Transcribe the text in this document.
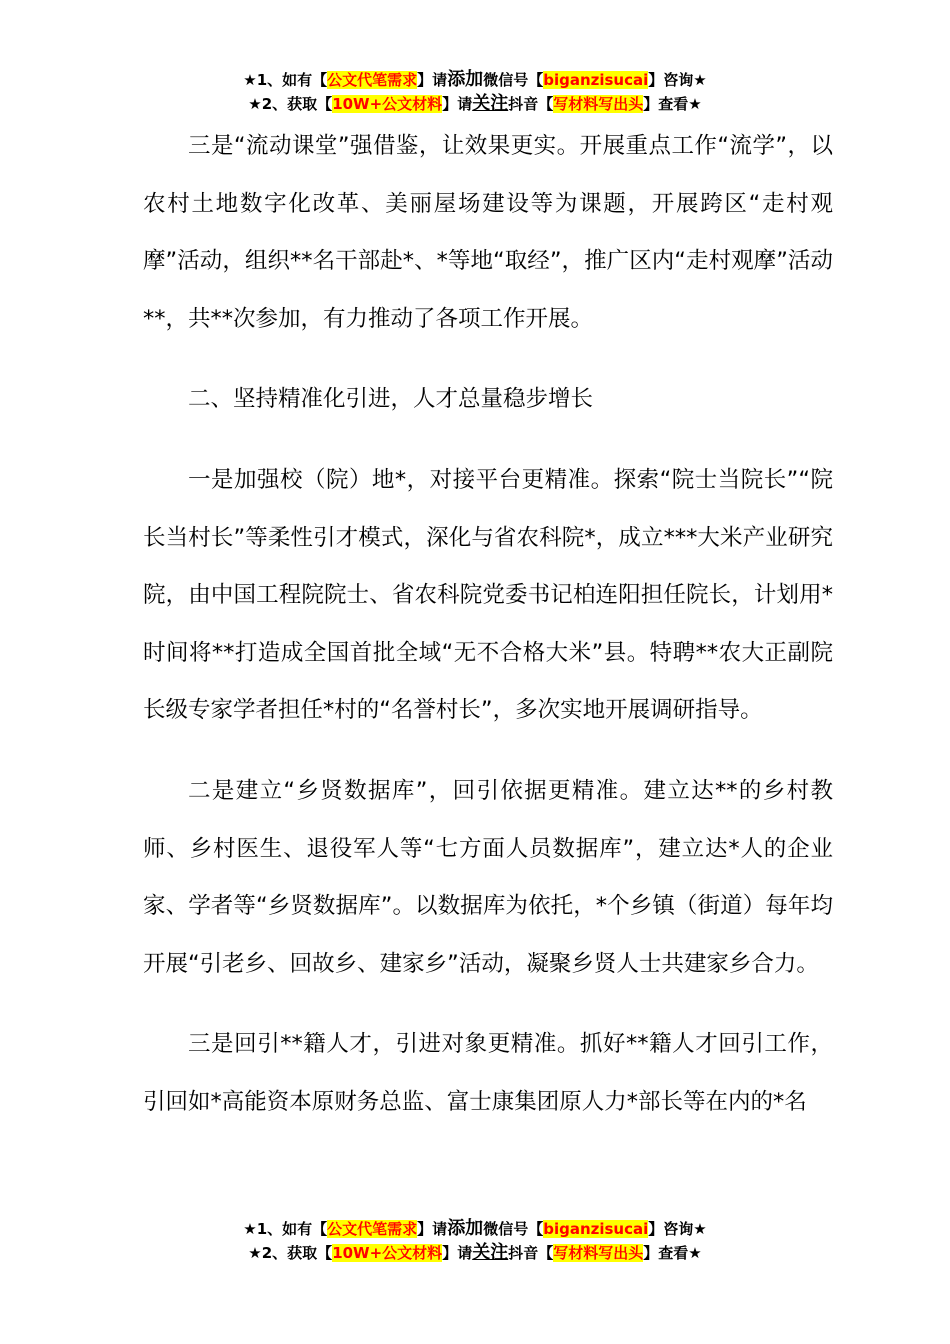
★1、如有【公文代笔需求】请添加微信号【biganzisucai】咨询★
★2、获取【10W+公文材料】请关注抖音【写材料写出头】查看★

三是“流动课堂”强借鉴，让效果更实。开展重点工作“流学”，以农村土地数字化改革、美丽屋场建设等为课题，开展跨区“走村观摩”活动，组织**名干部赴*、*等地“取经”，推广区内“走村观摩”活动**，共**次参加，有力推动了各项工作开展。

二、坚持精准化引进，人才总量稳步增长

一是加强校（院）地*，对接平台更精准。探索“院士当院长”“院长当村长”等柔性引才模式，深化与省农科院*，成立***大米产业研究院，由中国工程院院士、省农科院党委书记柏连阳担任院长，计划用*时间将**打造成全国首批全域“无不合格大米”县。特聘**农大正副院长级专家学者担任*村的“名誉村长”，多次实地开展调研指导。

二是建立“乡贤数据库”，回引依据更精准。建立达**的乡村教师、乡村医生、退役军人等“七方面人员数据库”，建立达*人的企业家、学者等“乡贤数据库”。以数据库为依托，*个乡镇（街道）每年均开展“引老乡、回故乡、建家乡”活动，凝聚乡贤人士共建家乡合力。

三是回引**籍人才，引进对象更精准。抓好**籍人才回引工作，引回如*高能资本原财务总监、富士康集团原人力*部长等在内的*名

★1、如有【公文代笔需求】请添加微信号【biganzisucai】咨询★
★2、获取【10W+公文材料】请关注抖音【写材料写出头】查看★
